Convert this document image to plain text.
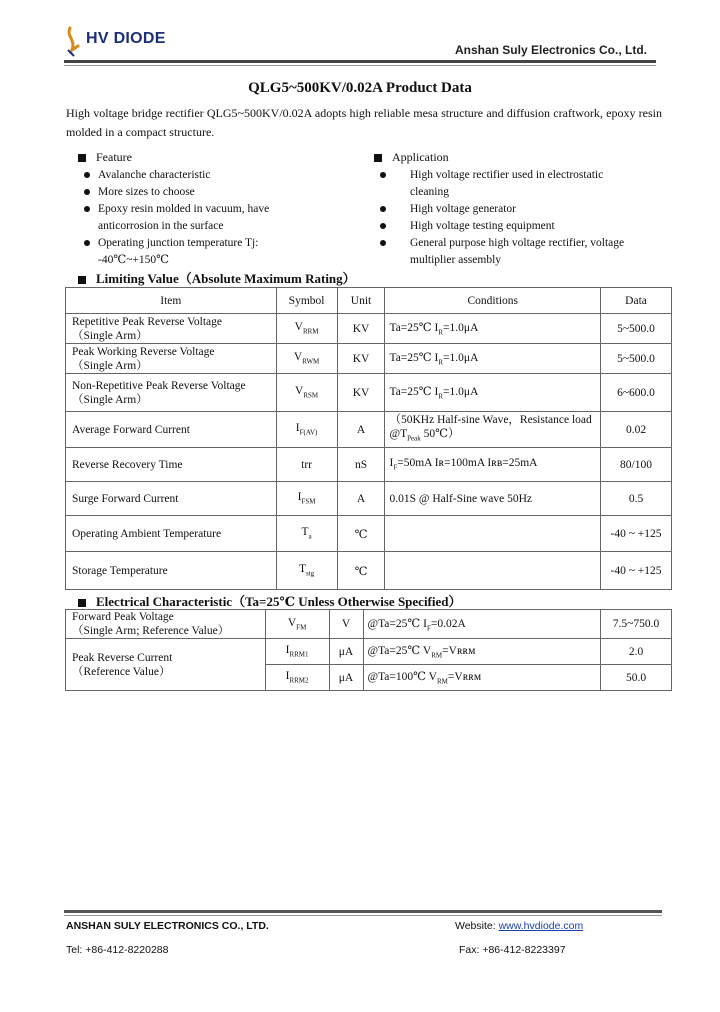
HV DIODE
Anshan Suly Electronics Co., Ltd.
QLG5~500KV/0.02A Product Data
High voltage bridge rectifier QLG5~500KV/0.02A adopts high reliable mesa structure and diffusion craftwork, epoxy resin molded in a compact structure.
Feature
Avalanche characteristic
More sizes to choose
Epoxy resin molded in vacuum, have anticorrosion in the surface
Operating junction temperature Tj: -40℃~+150℃
Application
High voltage rectifier used in electrostatic cleaning
High voltage generator
High voltage testing equipment
General purpose high voltage rectifier, voltage multiplier assembly
Limiting Value（Absolute Maximum Rating）
Item	Symbol	Unit	Conditions	Data
Repetitive Peak Reverse Voltage
（Single Arm）	$V_{RRM}$	KV	Ta=25℃ $I_R=1.0\mu A$	5~500.0
Peak Working Reverse Voltage
（Single Arm）	$V_{RWM}$	KV	Ta=25℃ $I_R=1.0\mu A$	5~500.0
Non-Repetitive Peak Reverse Voltage
（Single Arm）	$V_{RSM}$	KV	Ta=25℃ $I_R=1.0\mu A$	6~600.0
Average Forward Current	$I_{F(AV)}$	A	（50KHz Half-sine Wave，Resistance load $@T_{Peak}$ 50℃）	0.02
Reverse Recovery Time	trr	nS	$I_F=50mA$ Iʀ=100mA Iʀʙ=25mA	80/100
Surge Forward Current	$I_{FSM}$	A	0.01S @ Half-Sine wave 50Hz	0.5
Operating Ambient Temperature	$T_a$	℃		-40 ~ +125
Storage Temperature	$T_{stg}$	℃		-40 ~ +125
Electrical Characteristic（Ta=25℃ Unless Otherwise Specified）
Forward Peak Voltage
（Single Arm; Reference Value）	$V_{FM}$	V	@Ta=25℃ $I_F=0.02A$	7.5~750.0
Peak Reverse Current
（Reference Value）	$I_{RRM1}$	μA	@Ta=25℃ $V_{RM}=Vʀʀᴍ$	2.0
	$I_{RRM2}$	μA	@Ta=100℃ $V_{RM}=Vʀʀᴍ$	50.0
ANSHAN SULY ELECTRONICS CO., LTD.	Website: www.hvdiode.com
Tel: +86-412-8220288	Fax: +86-412-8223397
